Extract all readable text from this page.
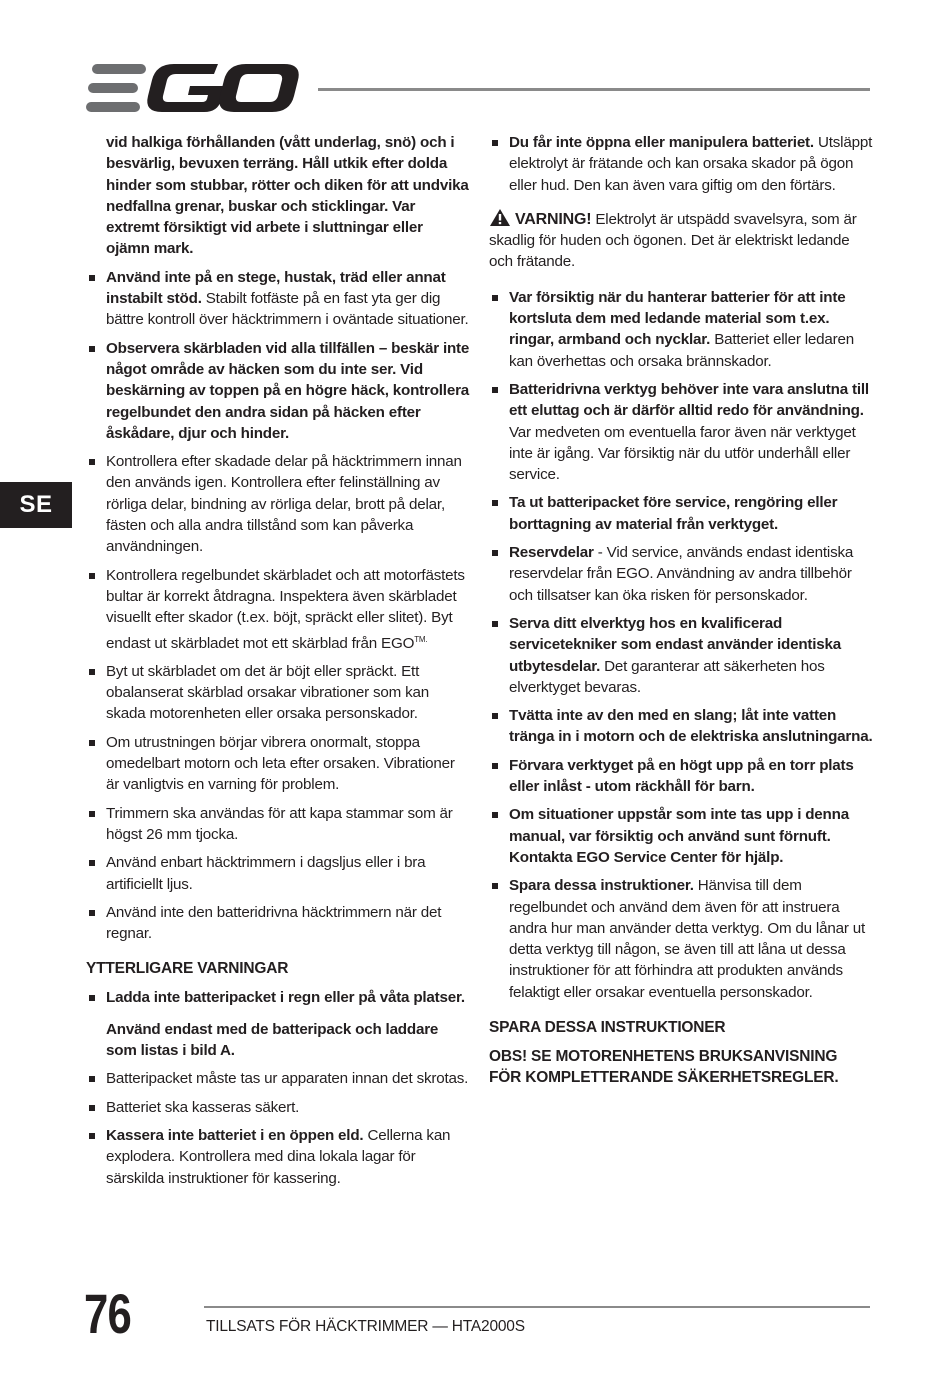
SE

vid halkiga förhållanden (vått underlag, snö) och i besvärlig, bevuxen terräng. Håll utkik efter dolda hinder som stubbar, rötter och diken för att undvika nedfallna grenar, buskar och sticklingar. Var extremt försiktigt vid arbete i sluttningar eller ojämn mark.

Använd inte på en stege, hustak, träd eller annat instabilt stöd. Stabilt fotfäste på en fast yta ger dig bättre kontroll över häcktrimmern i oväntade situationer.
Observera skärbladen vid alla tillfällen – beskär inte något område av häcken som du inte ser. Vid beskärning av toppen på en högre häck, kontrollera regelbundet den andra sidan på häcken efter åskådare, djur och hinder.
Kontrollera efter skadade delar på häcktrimmern innan den används igen. Kontrollera efter felinställning av rörliga delar, bindning av rörliga delar, brott på delar, fästen och alla andra tillstånd som kan påverka användningen.
Kontrollera regelbundet skärbladet och att motorfästets bultar är korrekt åtdragna. Inspektera även skärbladet visuellt efter skador (t.ex. böjt, spräckt eller slitet). Byt endast ut skärbladet mot ett skärblad från $EGO^{TM.}$
Byt ut skärbladet om det är böjt eller spräckt. Ett obalanserat skärblad orsakar vibrationer som kan skada motorenheten eller orsaka personskador.
Om utrustningen börjar vibrera onormalt, stoppa omedelbart motorn och leta efter orsaken. Vibrationer är vanligtvis en varning för problem.
Trimmern ska användas för att kapa stammar som är högst 26 mm tjocka.
Använd enbart häcktrimmern i dagsljus eller i bra artificiellt ljus.
Använd inte den batteridrivna häcktrimmern när det regnar.
YTTERLIGARE VARNINGAR
Ladda inte batteripacket i regn eller på våta platser.

Använd endast med de batteripack och laddare som listas i bild A.

Batteripacket måste tas ur apparaten innan det skrotas.
Batteriet ska kasseras säkert.
Kassera inte batteriet i en öppen eld. Cellerna kan explodera. Kontrollera med dina lokala lagar för särskilda instruktioner för kassering.
Du får inte öppna eller manipulera batteriet. Utsläppt elektrolyt är frätande och kan orsaka skador på ögon eller hud. Den kan även vara giftig om den förtärs.

VARNING! Elektrolyt är utspädd svavelsyra, som är skadlig för huden och ögonen. Det är elektriskt ledande och frätande.

Var försiktig när du hanterar batterier för att inte kortsluta dem med ledande material som t.ex. ringar, armband och nycklar. Batteriet eller ledaren kan överhettas och orsaka brännskador.
Batteridrivna verktyg behöver inte vara anslutna till ett eluttag och är därför alltid redo för användning. Var medveten om eventuella faror även när verktyget inte är igång. Var försiktig när du utför underhåll eller service.
Ta ut batteripacket före service, rengöring eller borttagning av material från verktyget.
Reservdelar - Vid service, används endast identiska reservdelar från EGO. Användning av andra tillbehör och tillsatser kan öka risken för personskador.
Serva ditt elverktyg hos en kvalificerad servicetekniker som endast använder identiska utbytesdelar. Det garanterar att säkerheten hos elverktyget bevaras.
Tvätta inte av den med en slang; låt inte vatten tränga in i motorn och de elektriska anslutningarna.
Förvara verktyget på en högt upp på en torr plats eller inlåst - utom räckhåll för barn.
Om situationer uppstår som inte tas upp i denna manual, var försiktig och använd sunt förnuft. Kontakta EGO Service Center för hjälp.
Spara dessa instruktioner. Hänvisa till dem regelbundet och använd dem även för att instruera andra hur man använder detta verktyg. Om du lånar ut detta verktyg till någon, se även till att låna ut dessa instruktioner för att förhindra att produkten används felaktigt eller orsakar eventuella personskador.
SPARA DESSA INSTRUKTIONER
OBS! SE MOTORENHETENS BRUKSANVISNING FÖR KOMPLETTERANDE SÄKERHETSREGLER.
76	TILLSATS FÖR HÄCKTRIMMER — HTA2000S
